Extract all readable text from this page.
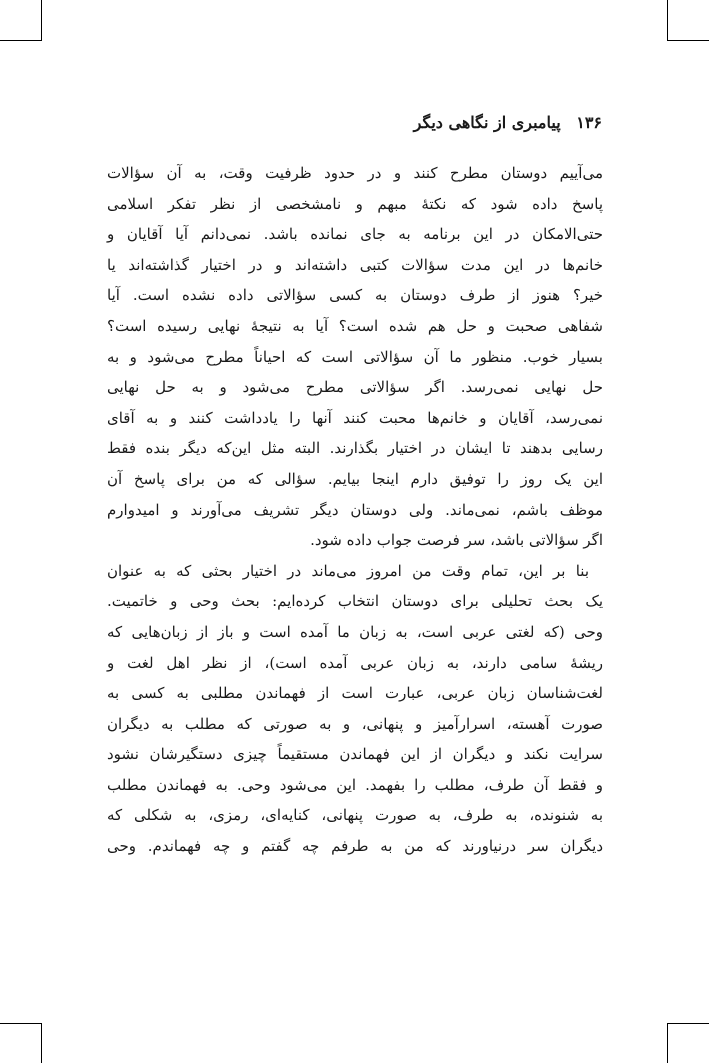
۱۳۶ پیامبری از نگاهی دیگر
می‌آییم دوستان مطرح کنند و در حدود ظرفیت وقت، به آن سؤالات
پاسخ داده شود که نکتهٔ مبهم و نامشخصی از نظر تفکر اسلامی
حتی‌الامکان در این برنامه به جای نمانده باشد. نمی‌دانم آیا آقایان و
خانم‌ها در این مدت سؤالات کتبی داشته‌اند و در اختیار گذاشته‌اند یا
خیر؟ هنوز از طرف دوستان به کسی سؤالاتی داده نشده است. آیا
شفاهی صحبت و حل هم شده است؟ آیا به نتیجهٔ نهایی رسیده است؟
بسیار خوب. منظور ما آن سؤالاتی است که احیاناً مطرح می‌شود و به
حل نهایی نمی‌رسد. اگر سؤالاتی مطرح می‌شود و به حل نهایی
نمی‌رسد، آقایان و خانم‌ها محبت کنند آنها را یادداشت کنند و به آقای
رسایی بدهند تا ایشان در اختیار بگذارند. البته مثل این‌که دیگر بنده فقط
این یک روز را توفیق دارم اینجا بیایم. سؤالی که من برای پاسخ آن
موظف باشم، نمی‌ماند. ولی دوستان دیگر تشریف می‌آورند و امیدوارم
اگر سؤالاتی باشد، سر فرصت جواب داده شود.
بنا بر این، تمام وقت من امروز می‌ماند در اختیار بحثی که به عنوان
یک بحث تحلیلی برای دوستان انتخاب کرده‌ایم: بحث وحی و خاتمیت.
وحی (که لغتی عربی است، به زبان ما آمده است و باز از زبان‌هایی که
ریشهٔ سامی دارند، به زبان عربی آمده است)، از نظر اهل لغت و
لغت‌شناسان زبان عربی، عبارت است از فهماندن مطلبی به کسی به
صورت آهسته، اسرارآمیز و پنهانی، و به صورتی که مطلب به دیگران
سرایت نکند و دیگران از این فهماندن مستقیماً چیزی دستگیرشان نشود
و فقط آن طرف، مطلب را بفهمد. این می‌شود وحی. به فهماندن مطلب
به شنونده، به طرف، به صورت پنهانی، کنایه‌ای، رمزی، به شکلی که
دیگران سر درنیاورند که من به طرفم چه گفتم و چه فهماندم. وحی
